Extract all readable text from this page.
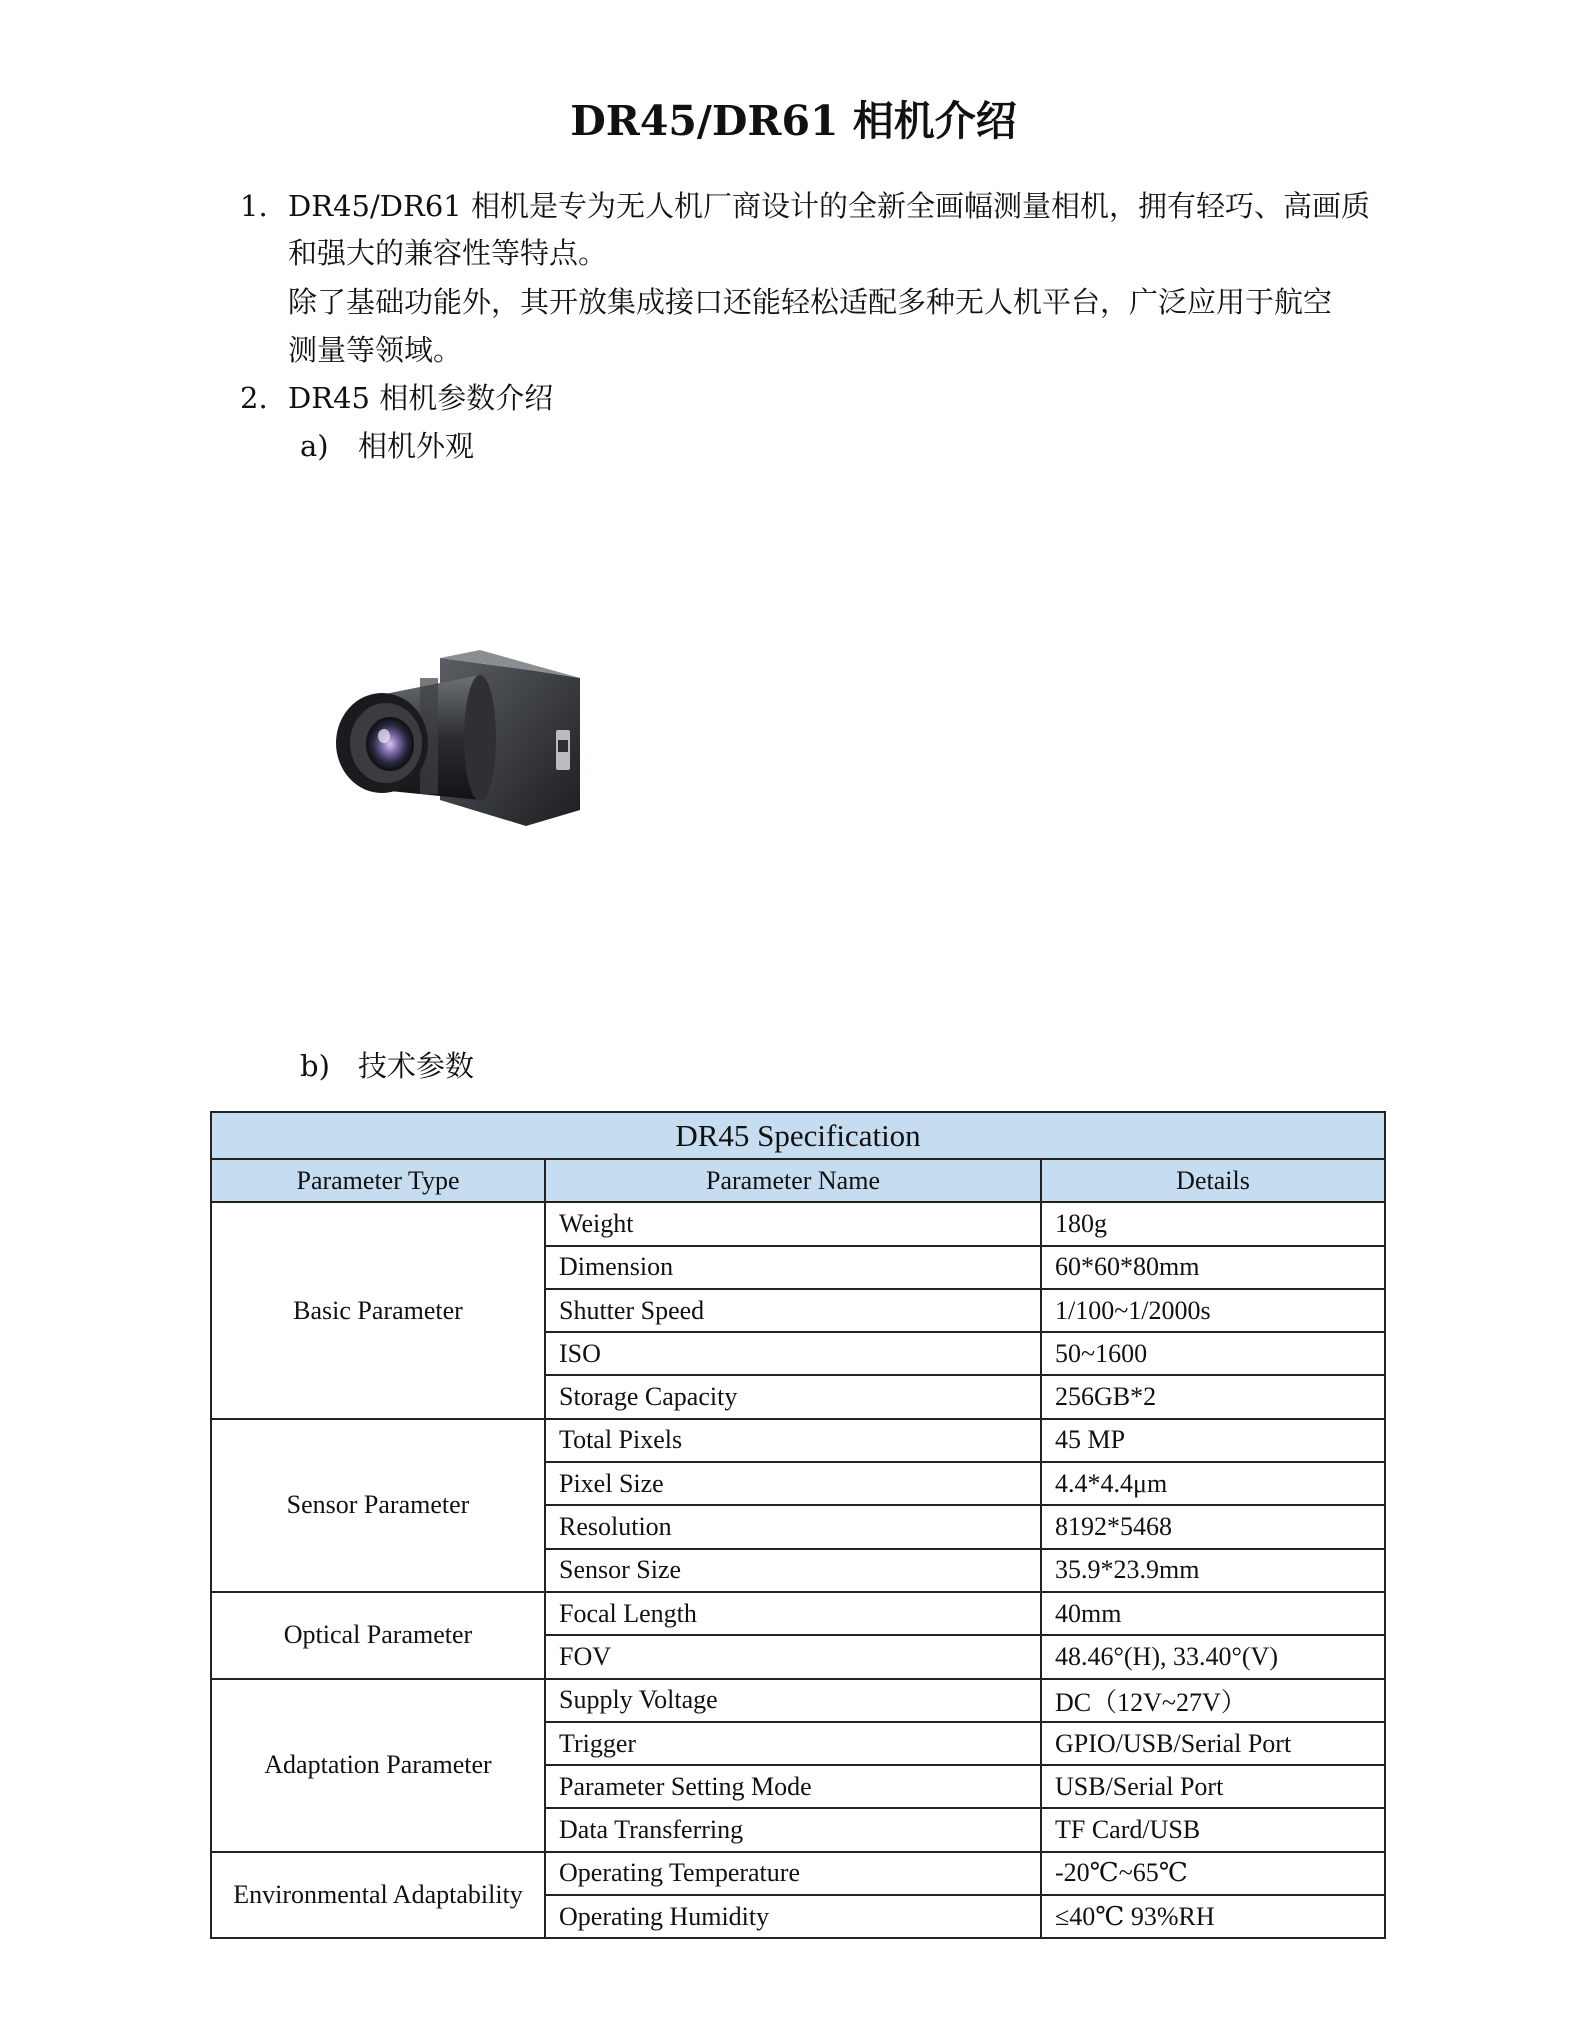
DR45/DR61 相机介绍
1. DR45/DR61 相机是专为无人机厂商设计的全新全画幅测量相机，拥有轻巧、高画质
和强大的兼容性等特点。
除了基础功能外，其开放集成接口还能轻松适配多种无人机平台，广泛应用于航空
测量等领域。
2. DR45 相机参数介绍
a) 相机外观
b) 技术参数
DR45 Specification		
Parameter Type	Parameter Name	Details
Basic Parameter	Weight	180g
	Dimension	60*60*80mm
	Shutter Speed	1/100~1/2000s
	ISO	50~1600
	Storage Capacity	256GB*2
Sensor Parameter	Total Pixels	45 MP
	Pixel Size	4.4*4.4μm
	Resolution	8192*5468
	Sensor Size	35.9*23.9mm
Optical Parameter	Focal Length	40mm
	FOV	48.46°(H), 33.40°(V)
Adaptation Parameter	Supply Voltage	DC（12V~27V）
	Trigger	GPIO/USB/Serial Port
	Parameter Setting Mode	USB/Serial Port
	Data Transferring	TF Card/USB
Environmental Adaptability	Operating Temperature	-20℃~65℃
	Operating Humidity	≤40℃ 93%RH
